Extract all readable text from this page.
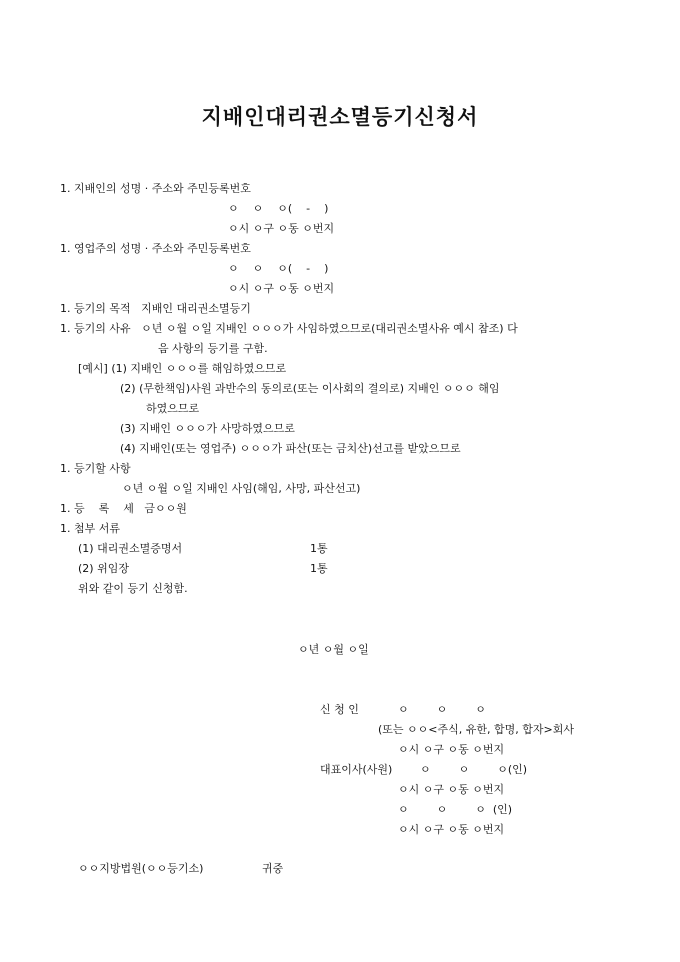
지배인대리권소멸등기신청서
1. 지배인의 성명 · 주소와 주민등록번호
ㅇ    ㅇ    ㅇ(    -    )
ㅇ시 ㅇ구 ㅇ동 ㅇ번지
1. 영업주의 성명 · 주소와 주민등록번호
ㅇ    ㅇ    ㅇ(    -    )
ㅇ시 ㅇ구 ㅇ동 ㅇ번지
1. 등기의 목적   지배인 대리권소멸등기
1. 등기의 사유   ㅇ년 ㅇ월 ㅇ일 지배인 ㅇㅇㅇ가 사임하였으므로(대리권소멸사유 예시 참조) 다
음 사항의 등기를 구함.
[예시] (1) 지배인 ㅇㅇㅇ를 해임하였으므로
(2) (무한책임)사원 과반수의 동의로(또는 이사회의 결의로) 지배인 ㅇㅇㅇ 해임
하였으므로
(3) 지배인 ㅇㅇㅇ가 사망하였으므로
(4) 지배인(또는 영업주) ㅇㅇㅇ가 파산(또는 금치산)선고를 받았으므로
1. 등기할 사항
ㅇ년 ㅇ월 ㅇ일 지배인 사임(해임, 사망, 파산선고)
1. 등    록    세   금ㅇㅇ원
1. 첨부 서류
(1) 대리권소멸증명서	1통
(2) 위임장	1통
위와 같이 등기 신청함.
ㅇ년 ㅇ월 ㅇ일
신 청 인	ㅇ        ㅇ        ㅇ
(또는 ㅇㅇ<주식, 유한, 합명, 합자>회사
ㅇ시 ㅇ구 ㅇ동 ㅇ번지
대표이사(사원)	ㅇ        ㅇ        ㅇ(인)
ㅇ시 ㅇ구 ㅇ동 ㅇ번지
ㅇ        ㅇ        ㅇ  (인)
ㅇ시 ㅇ구 ㅇ동 ㅇ번지
ㅇㅇ지방법원(ㅇㅇ등기소)	귀중
